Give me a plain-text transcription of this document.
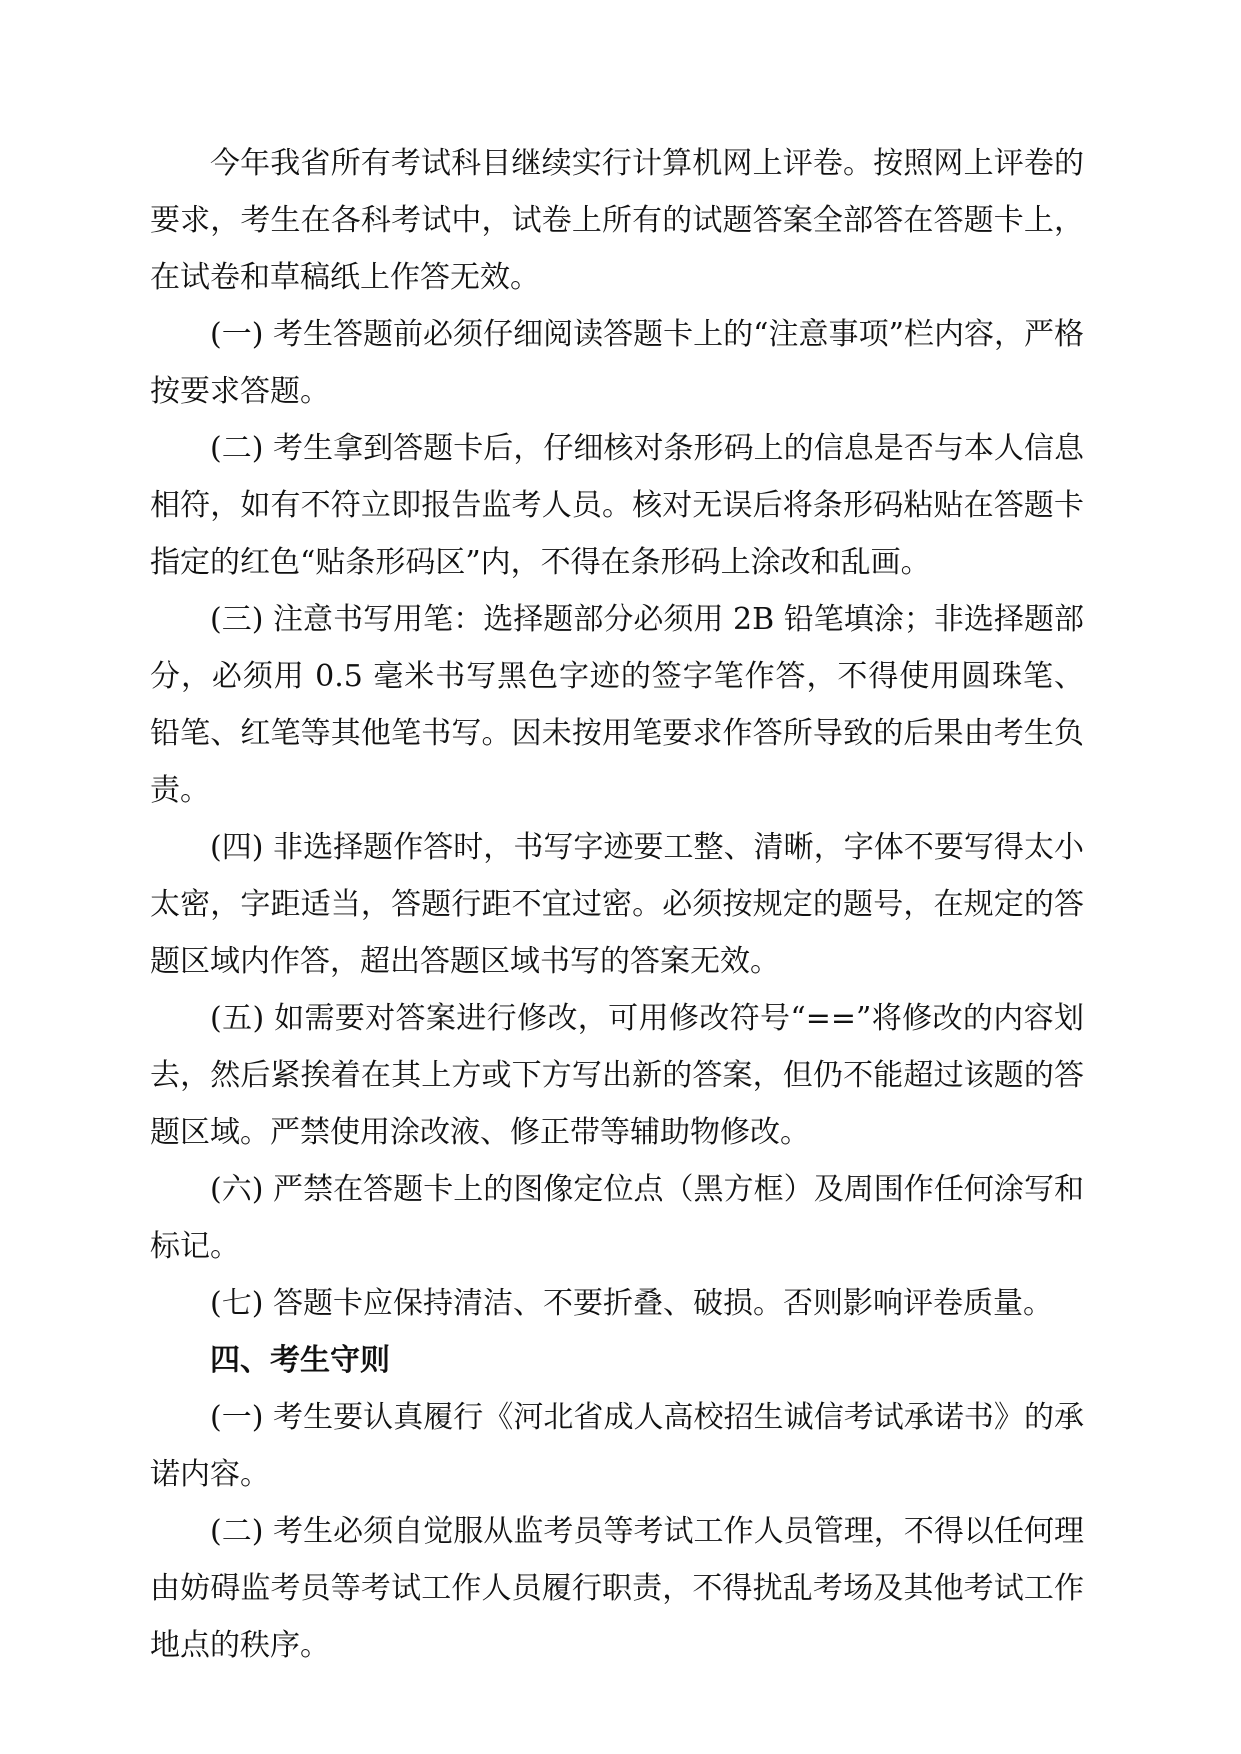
今年我省所有考试科目继续实行计算机网上评卷。按照网上评卷的要求，考生在各科考试中，试卷上所有的试题答案全部答在答题卡上，在试卷和草稿纸上作答无效。

(一) 考生答题前必须仔细阅读答题卡上的“注意事项”栏内容，严格按要求答题。

(二) 考生拿到答题卡后，仔细核对条形码上的信息是否与本人信息相符，如有不符立即报告监考人员。核对无误后将条形码粘贴在答题卡指定的红色“贴条形码区”内，不得在条形码上涂改和乱画。

(三) 注意书写用笔：选择题部分必须用 2B 铅笔填涂；非选择题部分，必须用 0.5 毫米书写黑色字迹的签字笔作答，不得使用圆珠笔、铅笔、红笔等其他笔书写。因未按用笔要求作答所导致的后果由考生负责。

(四) 非选择题作答时，书写字迹要工整、清晰，字体不要写得太小太密，字距适当，答题行距不宜过密。必须按规定的题号，在规定的答题区域内作答，超出答题区域书写的答案无效。

(五) 如需要对答案进行修改，可用修改符号“==”将修改的内容划去，然后紧挨着在其上方或下方写出新的答案，但仍不能超过该题的答题区域。严禁使用涂改液、修正带等辅助物修改。

(六) 严禁在答题卡上的图像定位点（黑方框）及周围作任何涂写和标记。

(七) 答题卡应保持清洁、不要折叠、破损。否则影响评卷质量。

四、考生守则

(一) 考生要认真履行《河北省成人高校招生诚信考试承诺书》的承诺内容。

(二) 考生必须自觉服从监考员等考试工作人员管理，不得以任何理由妨碍监考员等考试工作人员履行职责，不得扰乱考场及其他考试工作地点的秩序。
